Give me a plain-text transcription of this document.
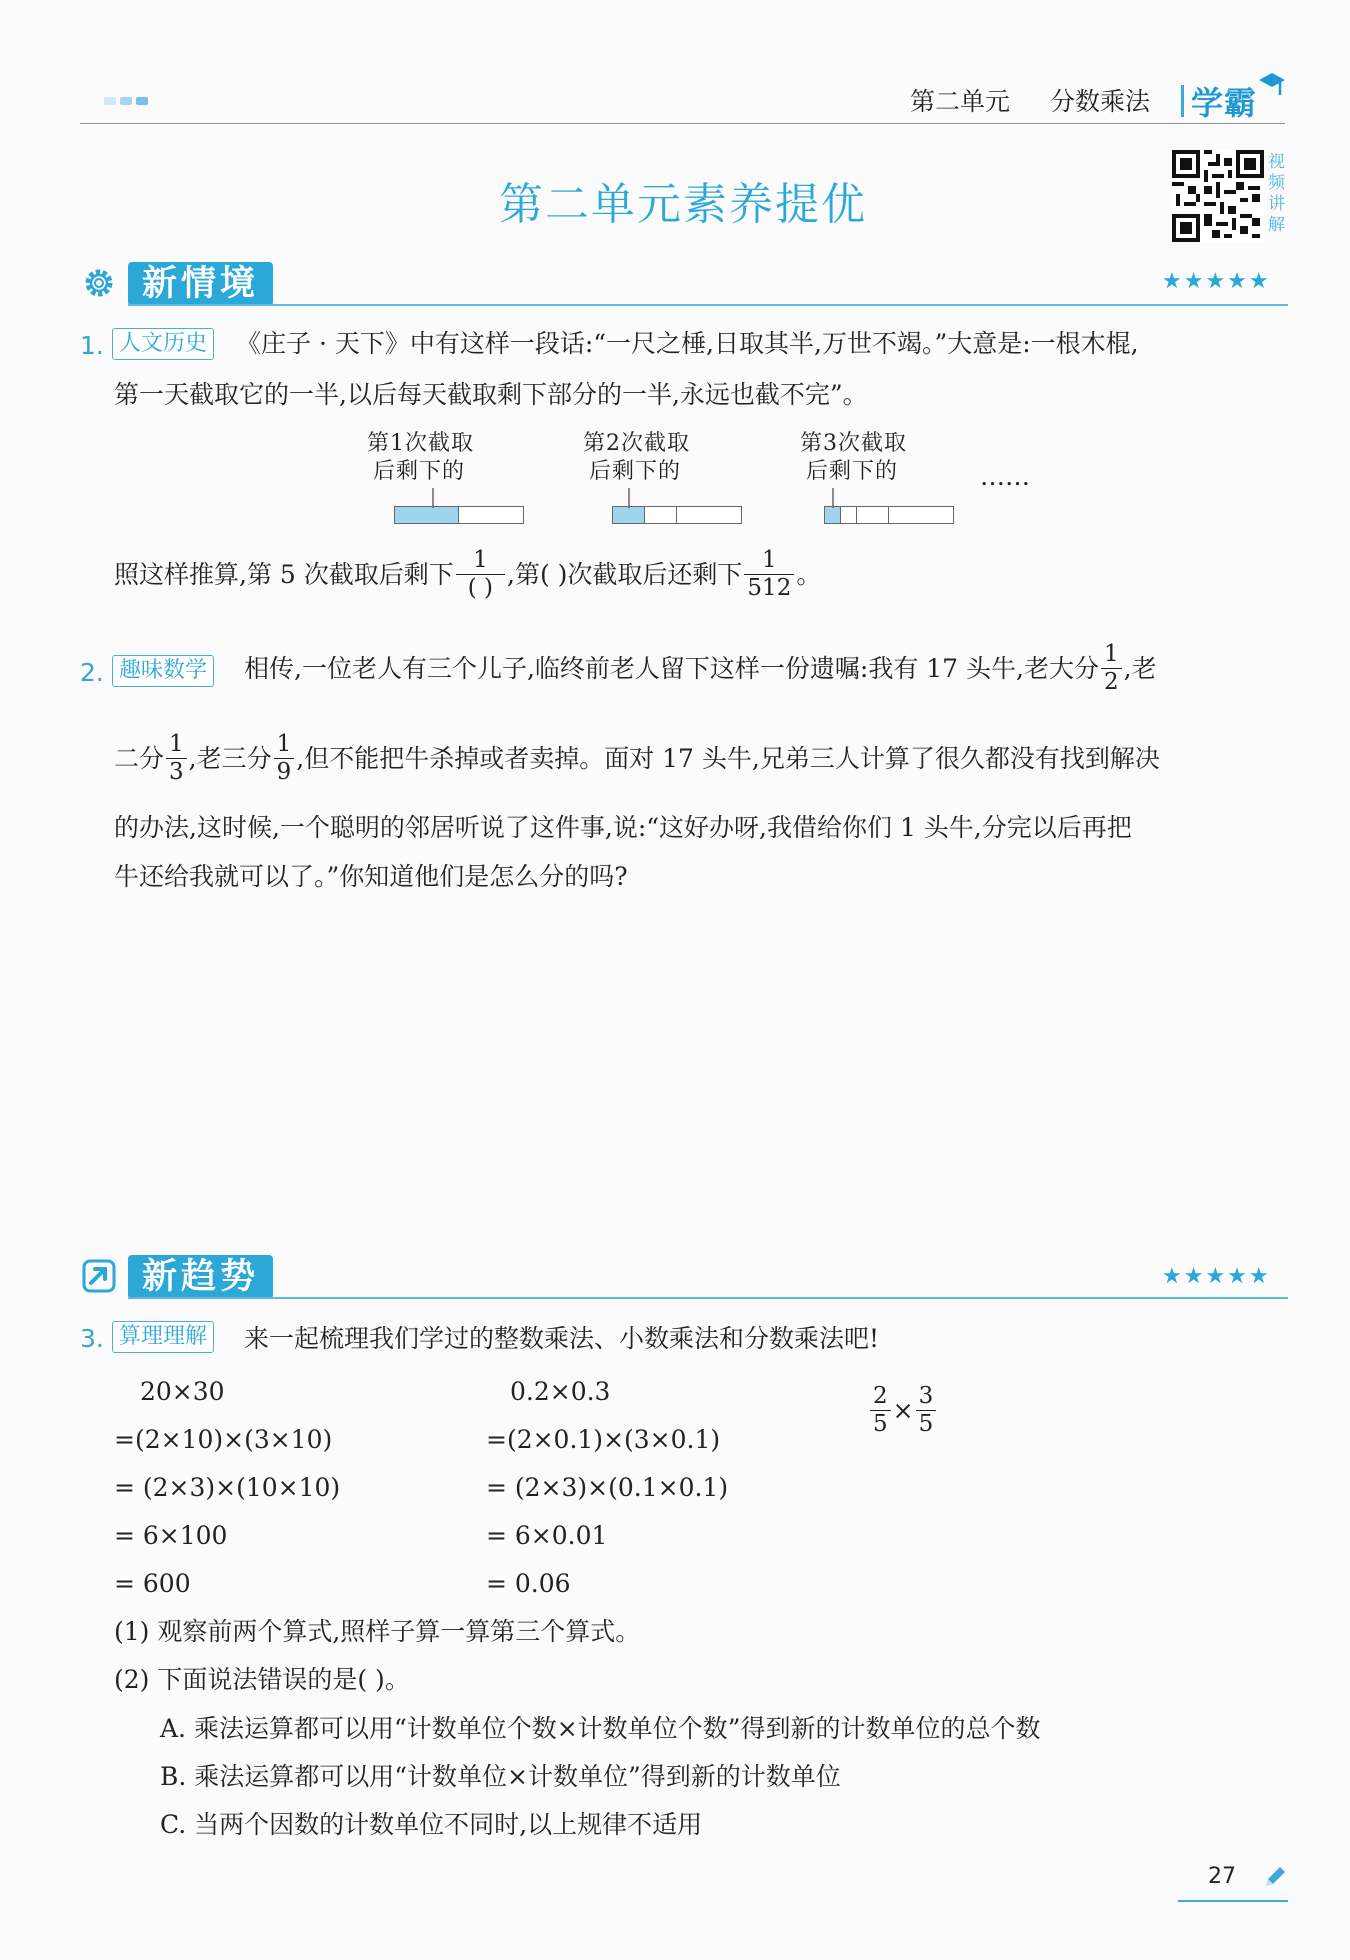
第二单元 分数乘法 学霸
第二单元素养提优
视频讲解
新情境	★★★★★
1. 人文历史 《庄子 · 天下》中有这样一段话:“一尺之棰,日取其半,万世不竭。”大意是:一根木棍,
第一天截取它的一半,以后每天截取剩下部分的一半,永远也截不完”。
第1次截取
后剩下的
第2次截取
后剩下的
第3次截取
后剩下的	……
照这样推算,第 5 次截取后剩下 $\frac{1}{( )}$ ,第( )次截取后还剩下 $\frac{1}{512}$ 。
2. 趣味数学 相传,一位老人有三个儿子,临终前老人留下这样一份遗嘱:我有 17 头牛,老大分 $\frac{1}{2}$ ,老
二分 $\frac{1}{3}$ ,老三分 $\frac{1}{9}$ ,但不能把牛杀掉或者卖掉。面对 17 头牛,兄弟三人计算了很久都没有找到解决
的办法,这时候,一个聪明的邻居听说了这件事,说:“这好办呀,我借给你们 1 头牛,分完以后再把
牛还给我就可以了。”你知道他们是怎么分的吗?
新趋势	★★★★★
3. 算理理解 来一起梳理我们学过的整数乘法、小数乘法和分数乘法吧!
20×30
=(2×10)×(3×10)
= (2×3)×(10×10)
= 6×100
= 600
0.2×0.3
=(2×0.1)×(3×0.1)
= (2×3)×(0.1×0.1)
= 6×0.01
= 0.06
$\frac{2}{5} \times \frac{3}{5}$
(1) 观察前两个算式,照样子算一算第三个算式。
(2) 下面说法错误的是( )。
A. 乘法运算都可以用“计数单位个数×计数单位个数”得到新的计数单位的总个数
B. 乘法运算都可以用“计数单位×计数单位”得到新的计数单位
C. 当两个因数的计数单位不同时,以上规律不适用
27
